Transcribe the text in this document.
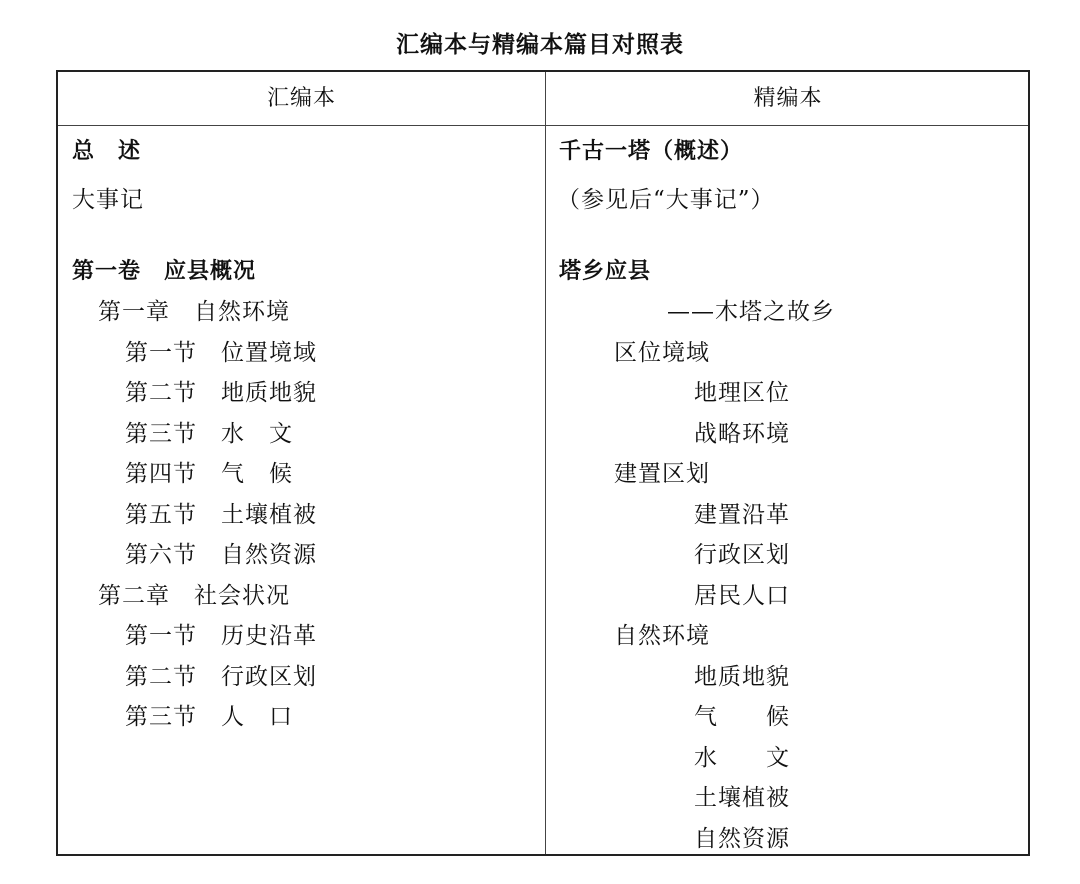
汇编本与精编本篇目对照表
汇编本	精编本
总　述
大事记
第一卷　应县概况
第一章　自然环境
第一节　位置境域
第二节　地质地貌
第三节　水　文
第四节　气　候
第五节　土壤植被
第六节　自然资源
第二章　社会状况
第一节　历史沿革
第二节　行政区划
第三节　人　口
千古一塔（概述）
（参见后“大事记”）
塔乡应县
——木塔之故乡
区位境域
地理区位
战略环境
建置区划
建置沿革
行政区划
居民人口
自然环境
地质地貌
气　　候
水　　文
土壤植被
自然资源
